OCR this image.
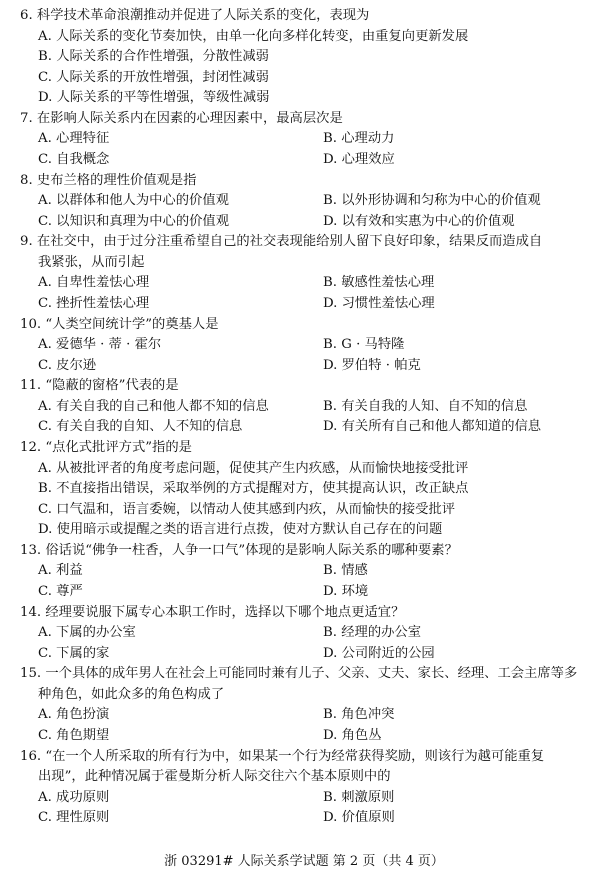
6. 科学技术革命浪潮推动并促进了人际关系的变化，表现为
A. 人际关系的变化节奏加快，由单一化向多样化转变，由重复向更新发展
B. 人际关系的合作性增强，分散性减弱
C. 人际关系的开放性增强，封闭性减弱
D. 人际关系的平等性增强，等级性减弱
7. 在影响人际关系内在因素的心理因素中，最高层次是
A. 心理特征	B. 心理动力
C. 自我概念	D. 心理效应
8. 史布兰格的理性价值观是指
A. 以群体和他人为中心的价值观	B. 以外形协调和匀称为中心的价值观
C. 以知识和真理为中心的价值观	D. 以有效和实惠为中心的价值观
9. 在社交中，由于过分注重希望自己的社交表现能给别人留下良好印象，结果反而造成自
我紧张，从而引起
A. 自卑性羞怯心理	B. 敏感性羞怯心理
C. 挫折性羞怯心理	D. 习惯性羞怯心理
10. “人类空间统计学”的奠基人是
A. 爱德华 · 蒂 · 霍尔	B. G · 马特隆
C. 皮尔逊	D. 罗伯特 · 帕克
11. “隐蔽的窗格”代表的是
A. 有关自我的自己和他人都不知的信息	B. 有关自我的人知、自不知的信息
C. 有关自我的自知、人不知的信息	D. 有关所有自己和他人都知道的信息
12. “点化式批评方式”指的是
A. 从被批评者的角度考虑问题，促使其产生内疚感，从而愉快地接受批评
B. 不直接指出错误，采取举例的方式提醒对方，使其提高认识，改正缺点
C. 口气温和，语言委婉，以情动人使其感到内疚，从而愉快的接受批评
D. 使用暗示或提醒之类的语言进行点拨，使对方默认自己存在的问题
13. 俗话说“佛争一柱香，人争一口气”体现的是影响人际关系的哪种要素？
A. 利益	B. 情感
C. 尊严	D. 环境
14. 经理要说服下属专心本职工作时，选择以下哪个地点更适宜？
A. 下属的办公室	B. 经理的办公室
C. 下属的家	D. 公司附近的公园
15. 一个具体的成年男人在社会上可能同时兼有儿子、父亲、丈夫、家长、经理、工会主席等多
种角色，如此众多的角色构成了
A. 角色扮演	B. 角色冲突
C. 角色期望	D. 角色丛
16. “在一个人所采取的所有行为中，如果某一个行为经常获得奖励，则该行为越可能重复
出现”，此种情况属于霍曼斯分析人际交往六个基本原则中的
A. 成功原则	B. 刺激原则
C. 理性原则	D. 价值原则
浙 03291# 人际关系学试题 第 2 页（共 4 页）
